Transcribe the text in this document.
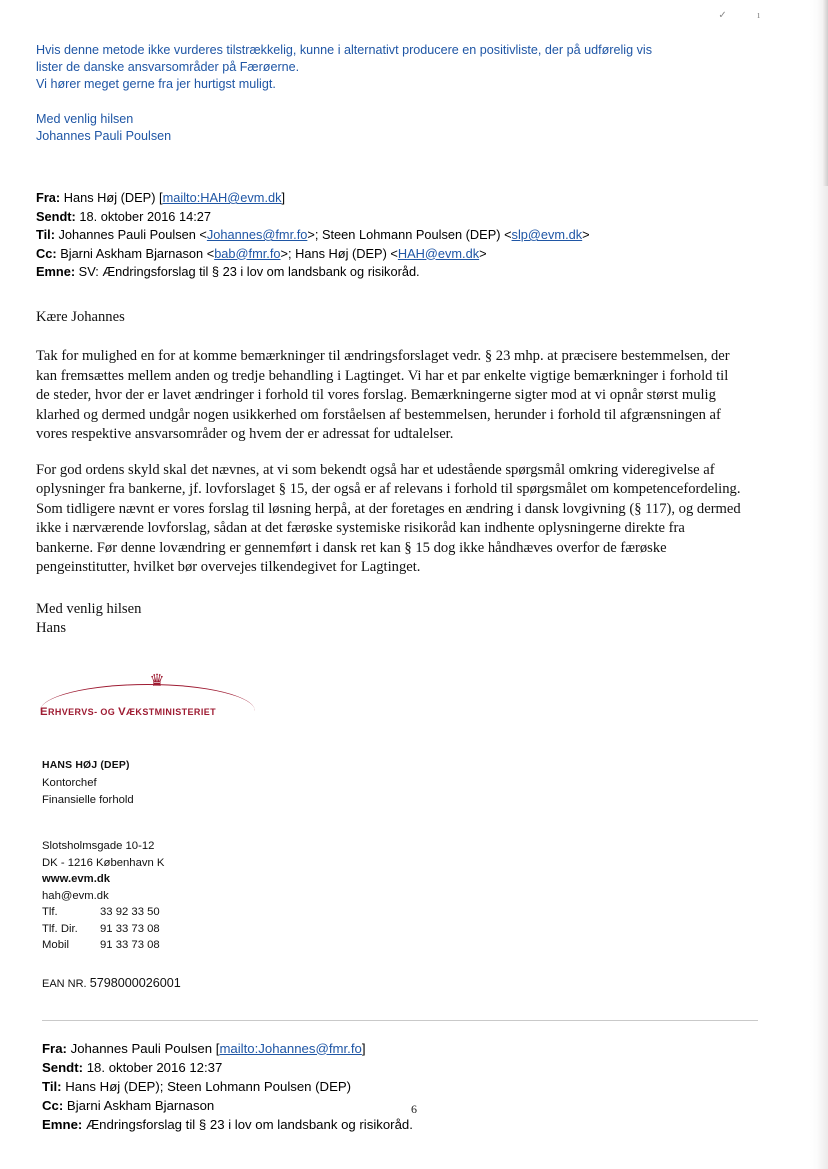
✓ ı

Hvis denne metode ikke vurderes tilstrækkelig, kunne i alternativt producere en positivliste, der på udførelig vis

lister de danske ansvarsområder på Færøerne.

Vi hører meget gerne fra jer hurtigst muligt.

Med venlig hilsen

Johannes Pauli Poulsen

Fra: Hans Høj (DEP) [mailto:HAH@evm.dk]
Sendt: 18. oktober 2016 14:27
Til: Johannes Pauli Poulsen <Johannes@fmr.fo>; Steen Lohmann Poulsen (DEP) <slp@evm.dk>
Cc: Bjarni Askham Bjarnason <bab@fmr.fo>; Hans Høj (DEP) <HAH@evm.dk>
Emne: SV: Ændringsforslag til § 23 i lov om landsbank og risikoråd.

Kære Johannes

Tak for mulighed en for at komme bemærkninger til ændringsforslaget vedr. § 23 mhp. at præcisere bestemmelsen, der kan fremsættes mellem anden og tredje behandling i Lagtinget. Vi har et par enkelte vigtige bemærkninger i forhold til de steder, hvor der er lavet ændringer i forhold til vores forslag. Bemærkningerne sigter mod at vi opnår størst mulig klarhed og dermed undgår nogen usikkerhed om forståelsen af bestemmelsen, herunder i forhold til afgrænsningen af vores respektive ansvarsområder og hvem der er adressat for udtalelser.

For god ordens skyld skal det nævnes, at vi som bekendt også har et udestående spørgsmål omkring videregivelse af oplysninger fra bankerne, jf. lovforslaget § 15, der også er af relevans i forhold til spørgsmålet om kompetencefordeling. Som tidligere nævnt er vores forslag til løsning herpå, at der foretages en ændring i dansk lovgivning (§ 117), og dermed ikke i nærværende lovforslag, sådan at det færøske systemiske risikoråd kan indhente oplysningerne direkte fra bankerne. Før denne lovændring er gennemført i dansk ret kan § 15 dog ikke håndhæves overfor de færøske pengeinstitutter, hvilket bør overvejes tilkendegivet for Lagtinget.

Med venlig hilsen
Hans
♛
ERHVERVS- OG VÆKSTMINISTERIET
HANS HØJ (DEP)
Kontorchef
Finansielle forhold
Slotsholmsgade 10-12
DK - 1216 København K
www.evm.dk
hah@evm.dk
Tlf.	33 92 33 50
Tlf. Dir.	91 33 73 08
Mobil	91 33 73 08
EAN NR. 5798000026001
Fra: Johannes Pauli Poulsen [mailto:Johannes@fmr.fo]
Sendt: 18. oktober 2016 12:37
Til: Hans Høj (DEP); Steen Lohmann Poulsen (DEP)
Cc: Bjarni Askham Bjarnason
Emne: Ændringsforslag til § 23 i lov om landsbank og risikoråd.
6
